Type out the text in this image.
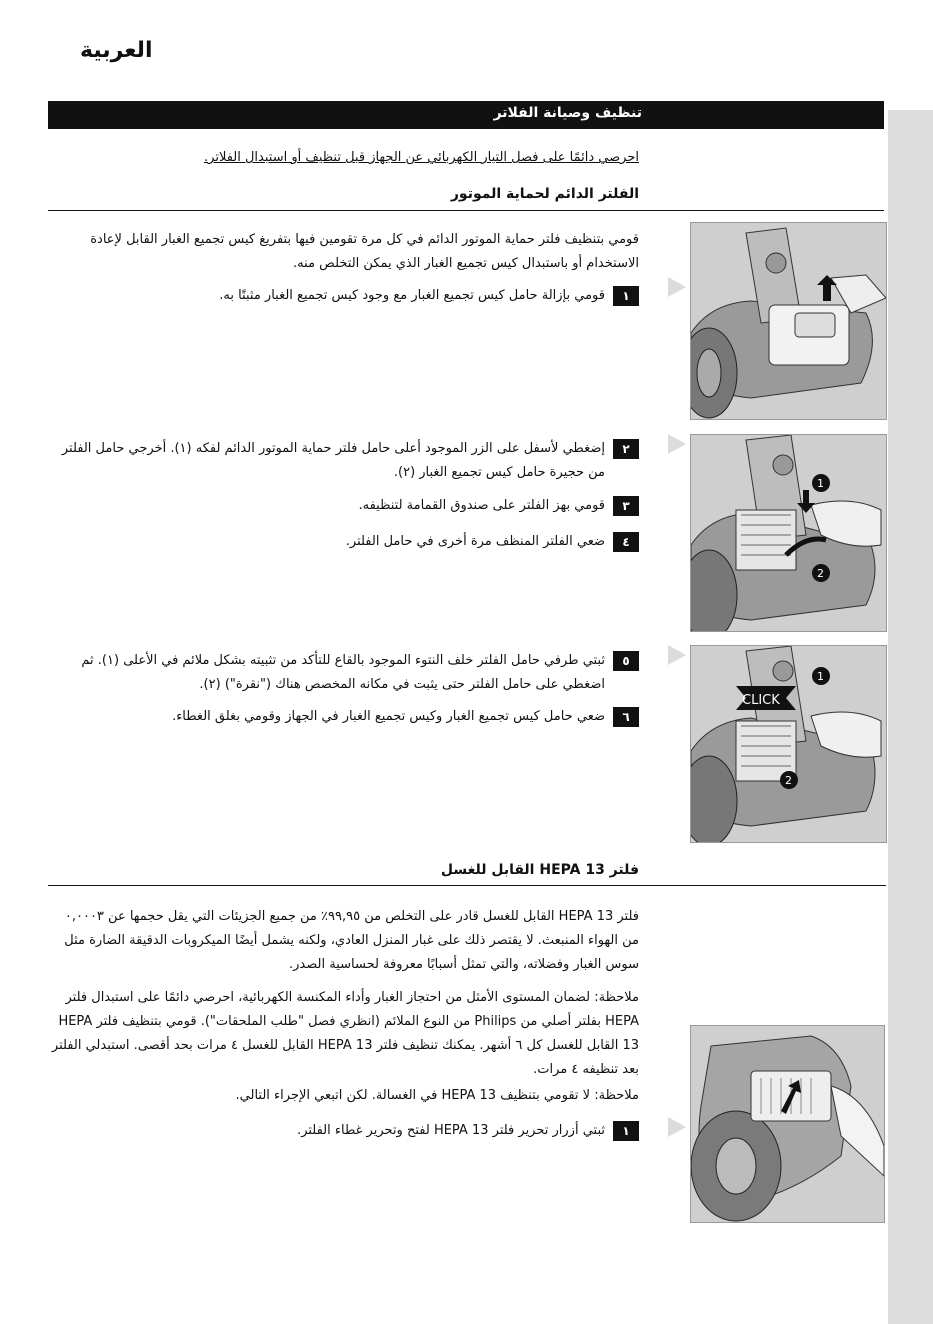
العربية
تنظيف وصيانة الفلاتر
احرصي دائمًا على فصل التيار الكهربائي عن الجهاز قبل تنظيف أو استبدال الفلاتر.
الفلتر الدائم لحماية الموتور
قومي بتنظيف فلتر حماية الموتور الدائم في كل مرة تقومين فيها بتفريغ كيس تجميع الغبار القابل لإعادة الاستخدام أو باستبدال كيس تجميع الغبار الذي يمكن التخلص منه.
١
قومي بإزالة حامل كيس تجميع الغبار مع وجود كيس تجميع الغبار مثبتًا به.
٢
إضغطي لأسفل على الزر الموجود أعلى حامل فلتر حماية الموتور الدائم لفكه (١). أخرجي حامل الفلتر من حجيرة حامل كيس تجميع الغبار (٢).
٣
قومي بهز الفلتر على صندوق القمامة لتنظيفه.
٤
ضعي الفلتر المنظف مرة أخرى في حامل الفلتر.
٥
ثبتي طرفي حامل الفلتر خلف النتوء الموجود بالقاع للتأكد من تثبيته بشكل ملائم في الأعلى (١). ثم اضغطي على حامل الفلتر حتى يثبت في مكانه المخصص هناك ("نقرة") (٢).
٦
ضعي حامل كيس تجميع الغبار وكيس تجميع الغبار في الجهاز وقومي بغلق الغطاء.
فلتر HEPA 13 القابل للغسل
فلتر HEPA 13 القابل للغسل قادر على التخلص من ٩٩,٩٥٪ من جميع الجزيئات التي يقل حجمها عن ٠,٠٠٠٣ من الهواء المنبعث. لا يقتصر ذلك على غبار المنزل العادي، ولكنه يشمل أيضًا الميكروبات الدقيقة الضارة مثل سوس الغبار وفضلاته، والتي تمثل أسبابًا معروفة لحساسية الصدر.
ملاحظة: لضمان المستوى الأمثل من احتجاز الغبار وأداء المكنسة الكهربائية، احرصي دائمًا على استبدال فلتر HEPA بفلتر أصلي من Philips من النوع الملائم (انظري فصل "طلب الملحقات"). قومي بتنظيف فلتر HEPA 13 القابل للغسل كل ٦ أشهر. يمكنك تنظيف فلتر HEPA 13 القابل للغسل ٤ مرات بحد أقصى. استبدلي الفلتر بعد تنظيفه ٤ مرات.
ملاحظة: لا تقومي بتنظيف HEPA 13 في الغسالة. لكن اتبعي الإجراء التالي.
١
ثبتي أزرار تحرير فلتر HEPA 13 لفتح وتحرير غطاء الفلتر.
1
2
CLICK
1
2
